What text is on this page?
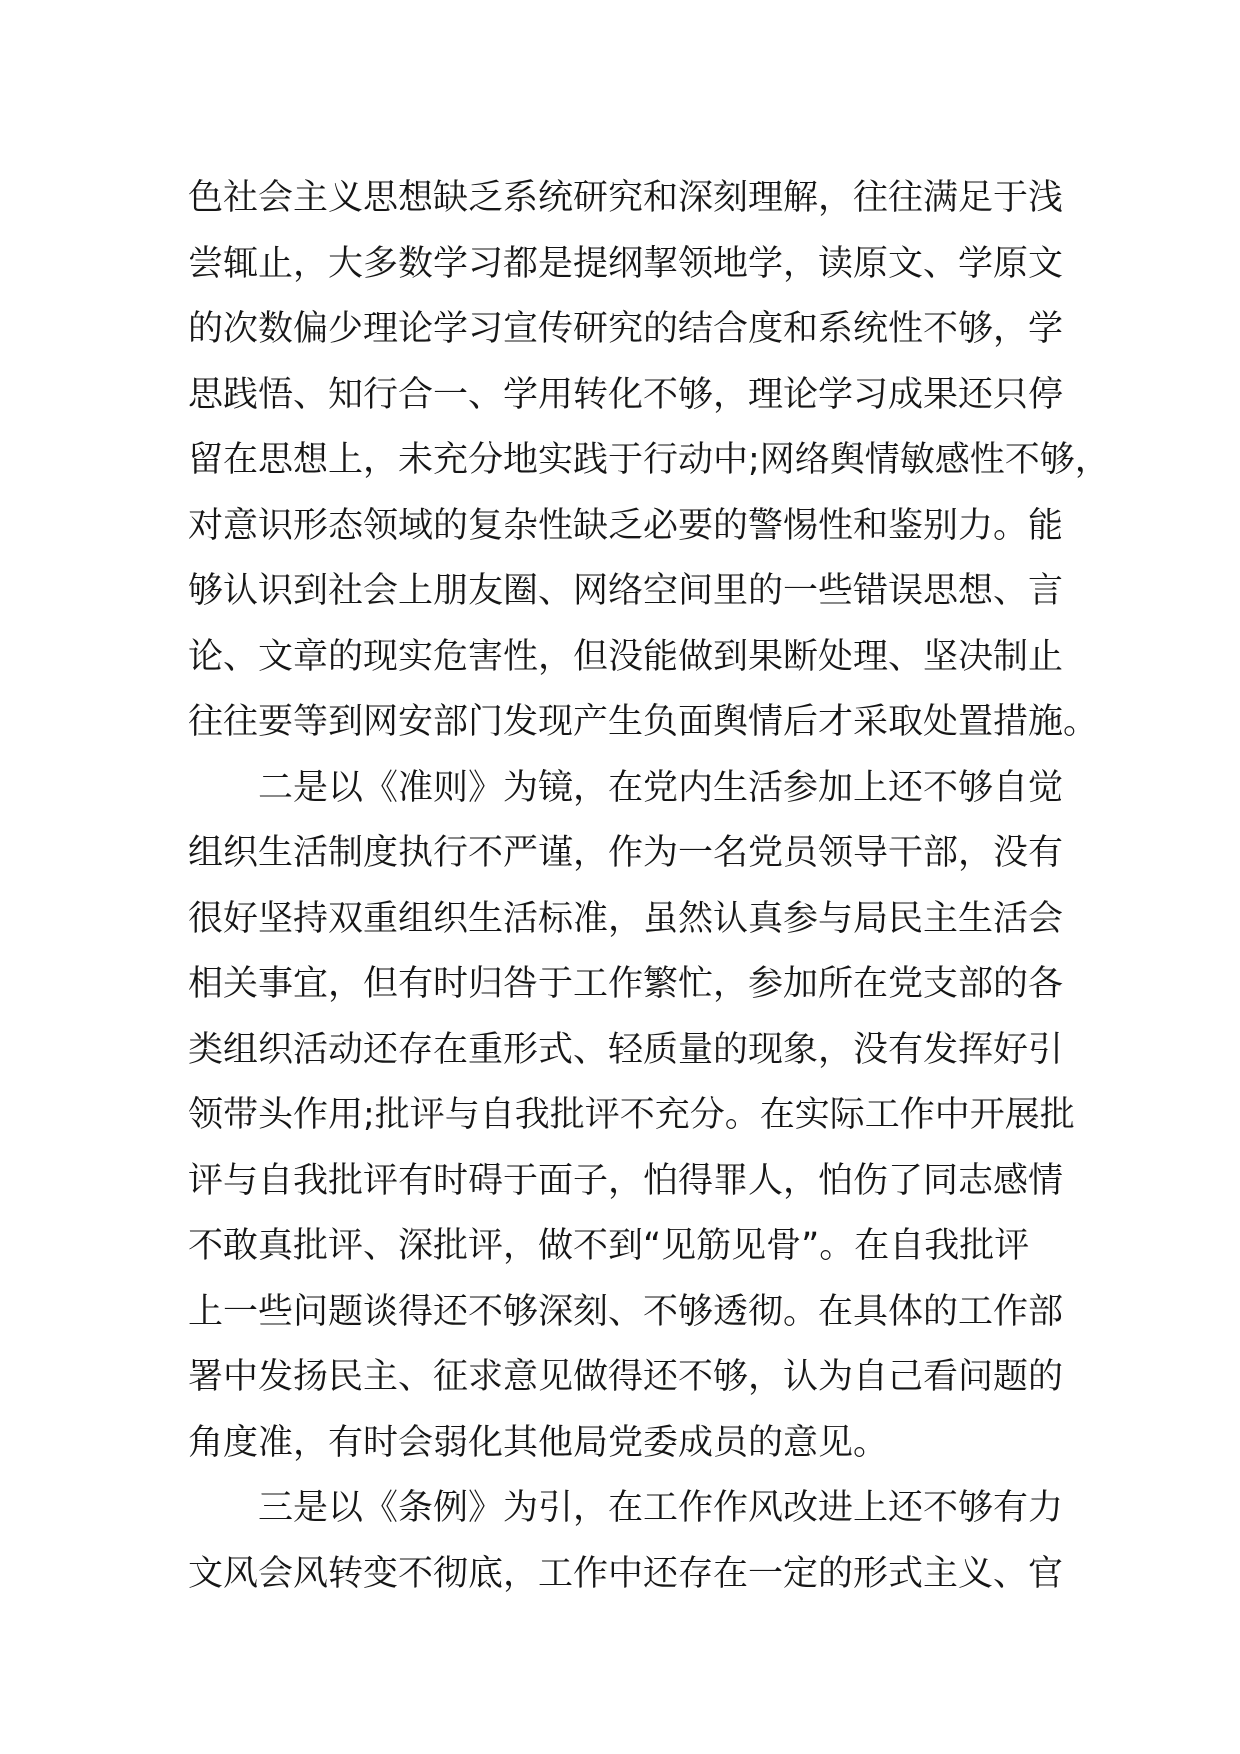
色社会主义思想缺乏系统研究和深刻理解，往往满足于浅
尝辄止，大多数学习都是提纲挈领地学，读原文、学原文
的次数偏少理论学习宣传研究的结合度和系统性不够，学
思践悟、知行合一、学用转化不够，理论学习成果还只停
留在思想上，未充分地实践于行动中;网络舆情敏感性不够，
对意识形态领域的复杂性缺乏必要的警惕性和鉴别力。能
够认识到社会上朋友圈、网络空间里的一些错误思想、言
论、文章的现实危害性，但没能做到果断处理、坚决制止
往往要等到网安部门发现产生负面舆情后才采取处置措施。
　　二是以《准则》为镜，在党内生活参加上还不够自觉
组织生活制度执行不严谨，作为一名党员领导干部，没有
很好坚持双重组织生活标准，虽然认真参与局民主生活会
相关事宜，但有时归咎于工作繁忙，参加所在党支部的各
类组织活动还存在重形式、轻质量的现象，没有发挥好引
领带头作用;批评与自我批评不充分。在实际工作中开展批
评与自我批评有时碍于面子，怕得罪人，怕伤了同志感情
不敢真批评、深批评，做不到“见筋见骨”。在自我批评
上一些问题谈得还不够深刻、不够透彻。在具体的工作部
署中发扬民主、征求意见做得还不够，认为自己看问题的
角度准，有时会弱化其他局党委成员的意见。
　　三是以《条例》为引，在工作作风改进上还不够有力
文风会风转变不彻底，工作中还存在一定的形式主义、官
